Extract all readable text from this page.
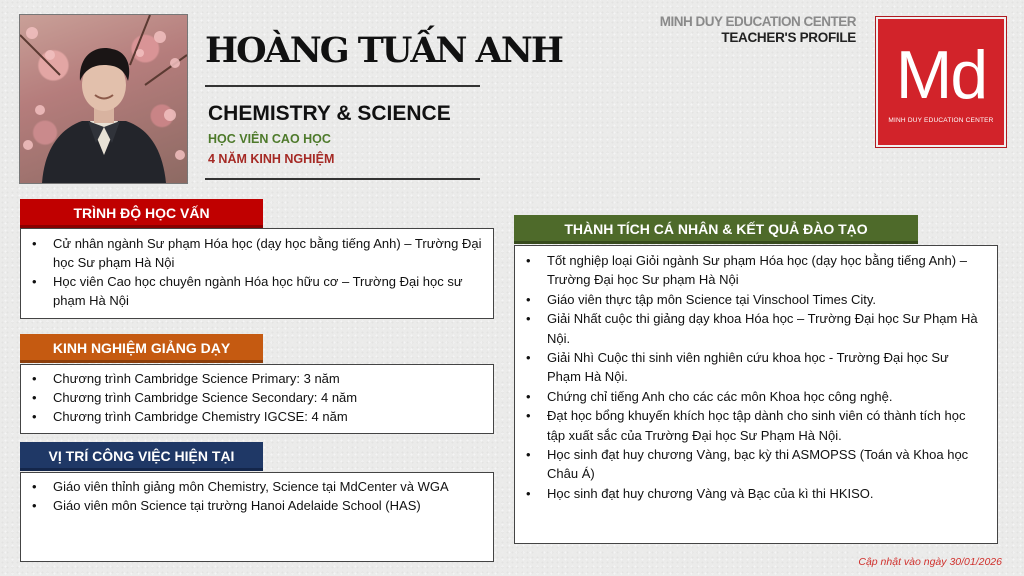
HOÀNG TUẤN ANH
CHEMISTRY & SCIENCE
HỌC VIÊN CAO HỌC
4 NĂM KINH NGHIỆM
MINH DUY EDUCATION CENTER
TEACHER'S PROFILE Md
MINH DUY EDUCATION CENTER
TRÌNH ĐỘ HỌC VẤN
• Cử nhân ngành Sư phạm Hóa học (dạy học bằng tiếng Anh) – Trường Đại học Sư phạm Hà Nội
• Học viên Cao học chuyên ngành Hóa học hữu cơ – Trường Đại học sư phạm Hà Nội
KINH NGHIỆM GIẢNG DẠY
• Chương trình Cambridge Science Primary: 3 năm
• Chương trình Cambridge Science Secondary: 4 năm
• Chương trình Cambridge Chemistry IGCSE: 4 năm
VỊ TRÍ CÔNG VIỆC HIỆN TẠI
• Giáo viên thỉnh giảng môn Chemistry, Science tại MdCenter và WGA
• Giáo viên môn Science tại trường Hanoi Adelaide School (HAS)
THÀNH TÍCH CÁ NHÂN & KẾT QUẢ ĐÀO TẠO
• Tốt nghiệp loại Giỏi ngành Sư phạm Hóa học (dạy học bằng tiếng Anh) – Trường Đại học Sư phạm Hà Nội
• Giáo viên thực tập môn Science tại Vinschool Times City.
• Giải Nhất cuộc thi giảng dạy khoa Hóa học – Trường Đại học Sư Phạm Hà Nội.
• Giải Nhì Cuộc thi sinh viên nghiên cứu khoa học - Trường Đại học Sư Phạm Hà Nội.
• Chứng chỉ tiếng Anh cho các các môn Khoa học công nghệ.
• Đạt học bổng khuyến khích học tập dành cho sinh viên có thành tích học tập xuất sắc của Trường Đại học Sư Phạm Hà Nội.
• Học sinh đạt huy chương Vàng, bạc kỳ thi ASMOPSS (Toán và Khoa học Châu Á)
• Học sinh đạt huy chương Vàng và Bạc của kì thi HKISO.
Cập nhật vào ngày 30/01/2026
